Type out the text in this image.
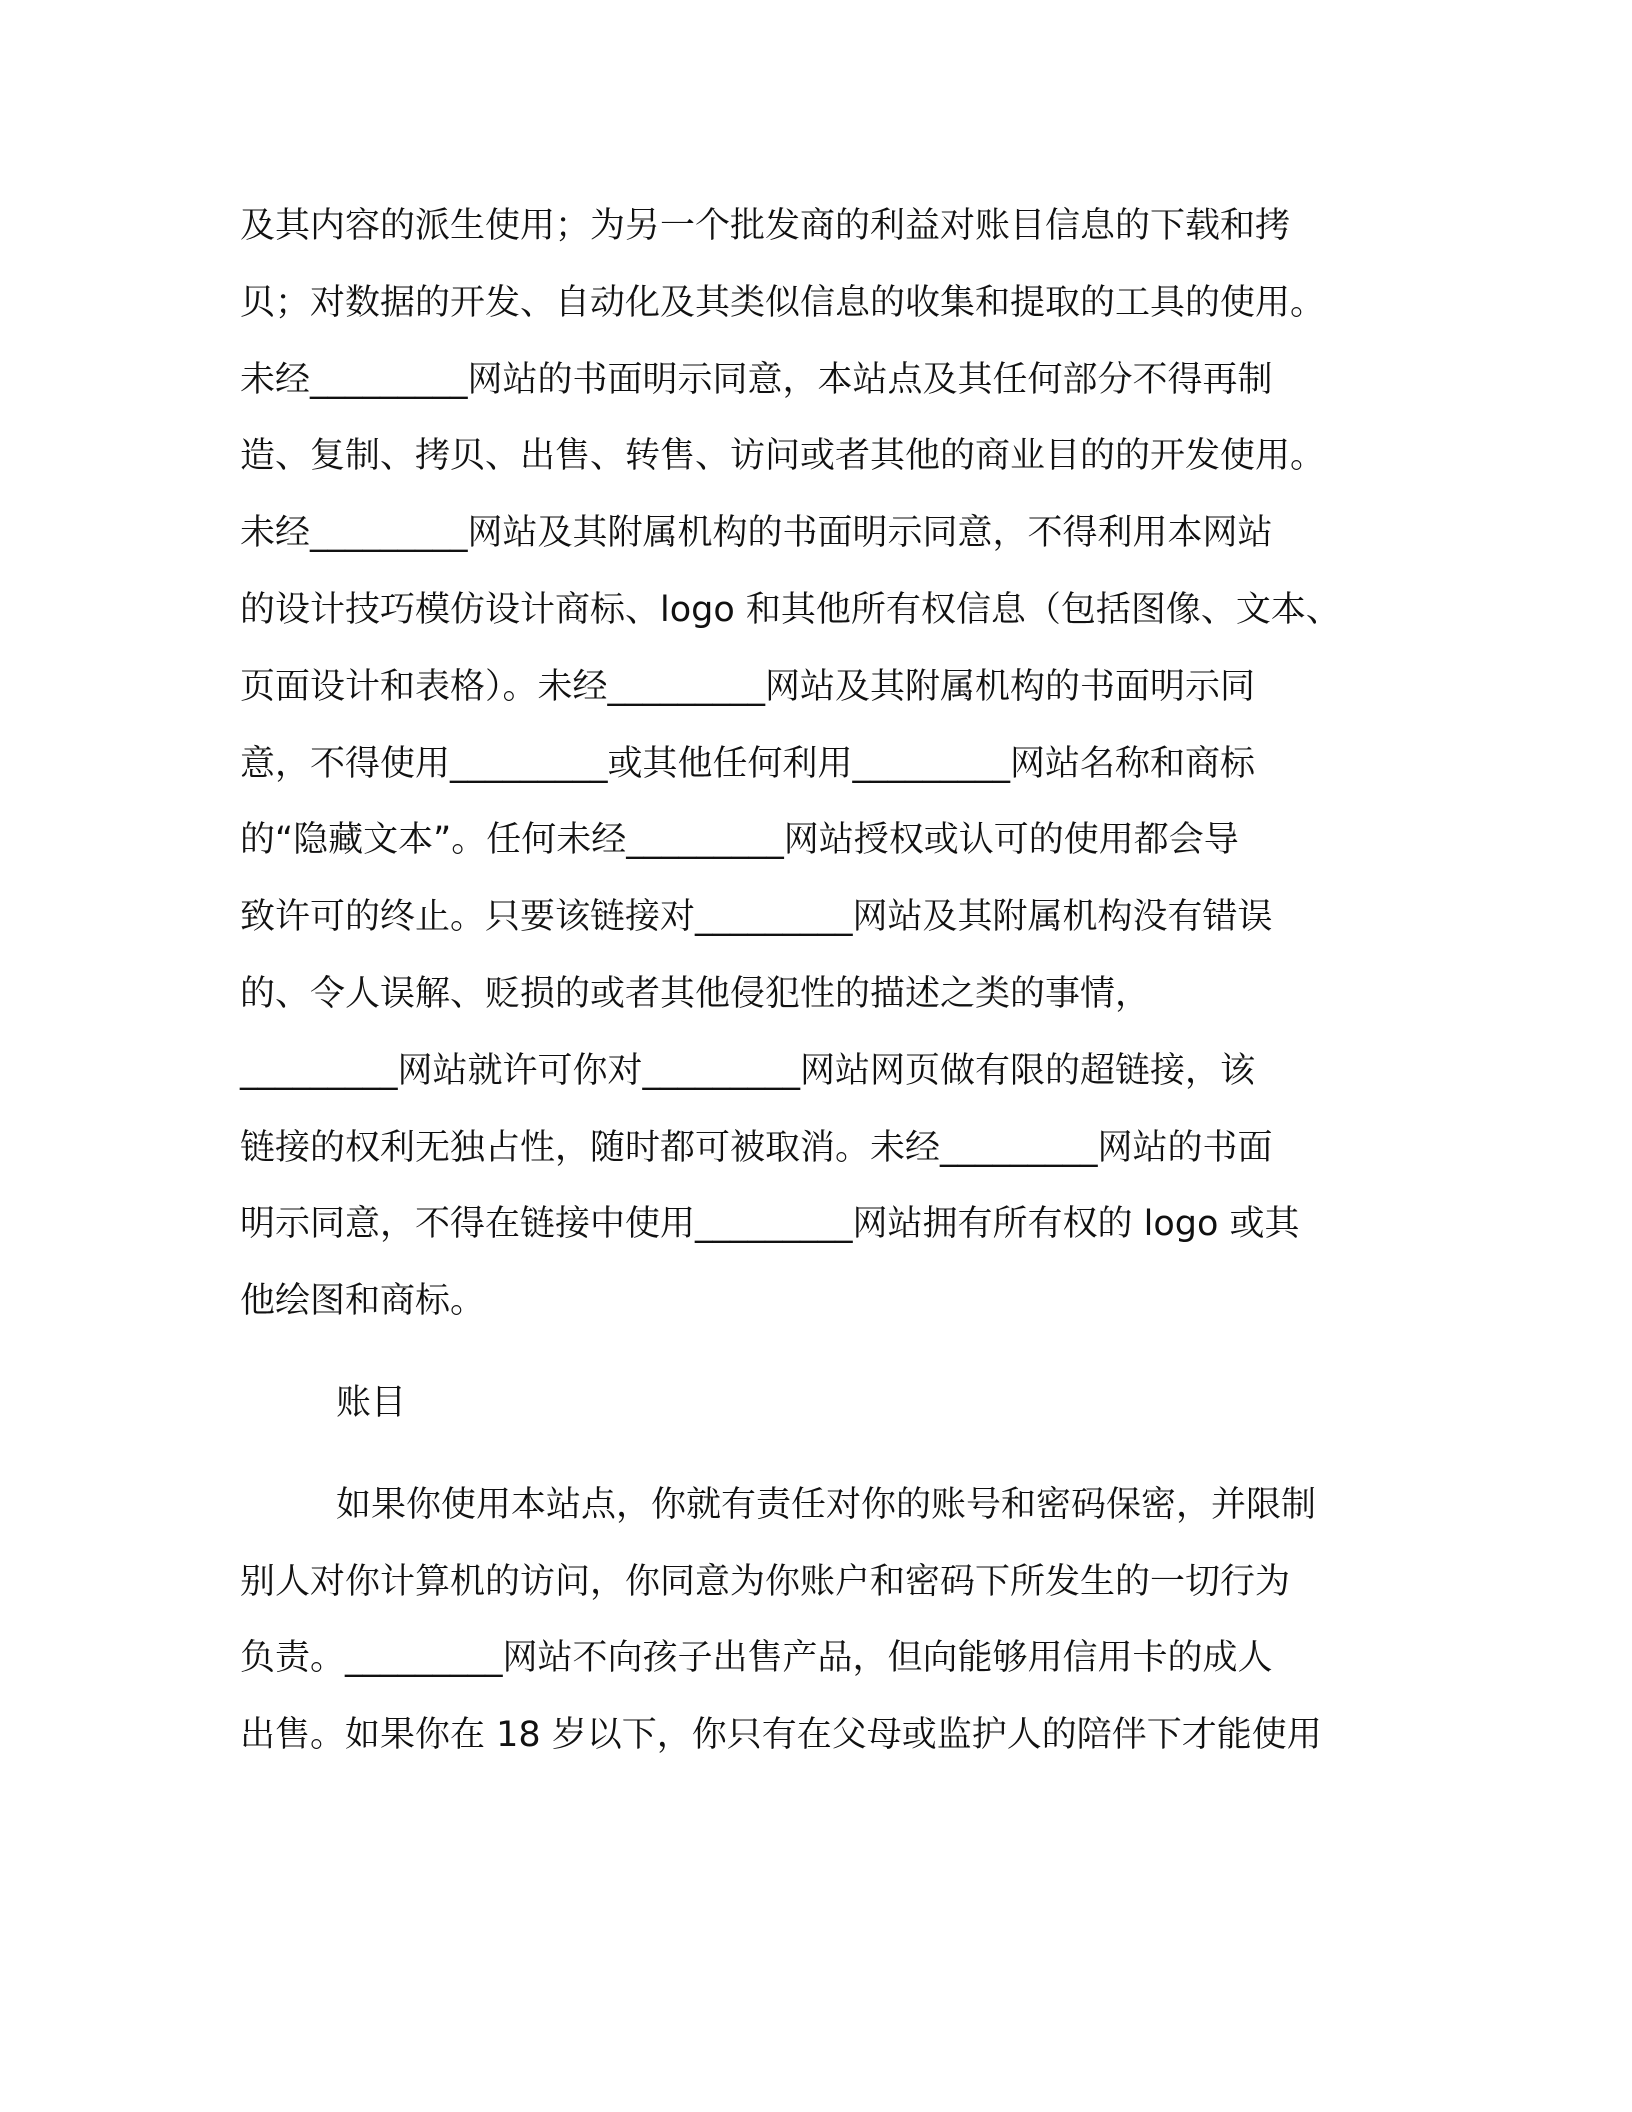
及其内容的派生使用；为另一个批发商的利益对账目信息的下载和拷
贝；对数据的开发、自动化及其类似信息的收集和提取的工具的使用。
未经_________网站的书面明示同意，本站点及其任何部分不得再制
造、复制、拷贝、出售、转售、访问或者其他的商业目的的开发使用。
未经_________网站及其附属机构的书面明示同意，不得利用本网站
的设计技巧模仿设计商标、logo 和其他所有权信息（包括图像、文本、
页面设计和表格）。未经_________网站及其附属机构的书面明示同
意，不得使用_________或其他任何利用_________网站名称和商标
的“隐藏文本”。任何未经_________网站授权或认可的使用都会导
致许可的终止。只要该链接对_________网站及其附属机构没有错误
的、令人误解、贬损的或者其他侵犯性的描述之类的事情，
_________网站就许可你对_________网站网页做有限的超链接，该
链接的权利无独占性，随时都可被取消。未经_________网站的书面
明示同意，不得在链接中使用_________网站拥有所有权的 logo 或其
他绘图和商标。
账目
如果你使用本站点，你就有责任对你的账号和密码保密，并限制
别人对你计算机的访问，你同意为你账户和密码下所发生的一切行为
负责。_________网站不向孩子出售产品，但向能够用信用卡的成人
出售。如果你在 18 岁以下，你只有在父母或监护人的陪伴下才能使用
